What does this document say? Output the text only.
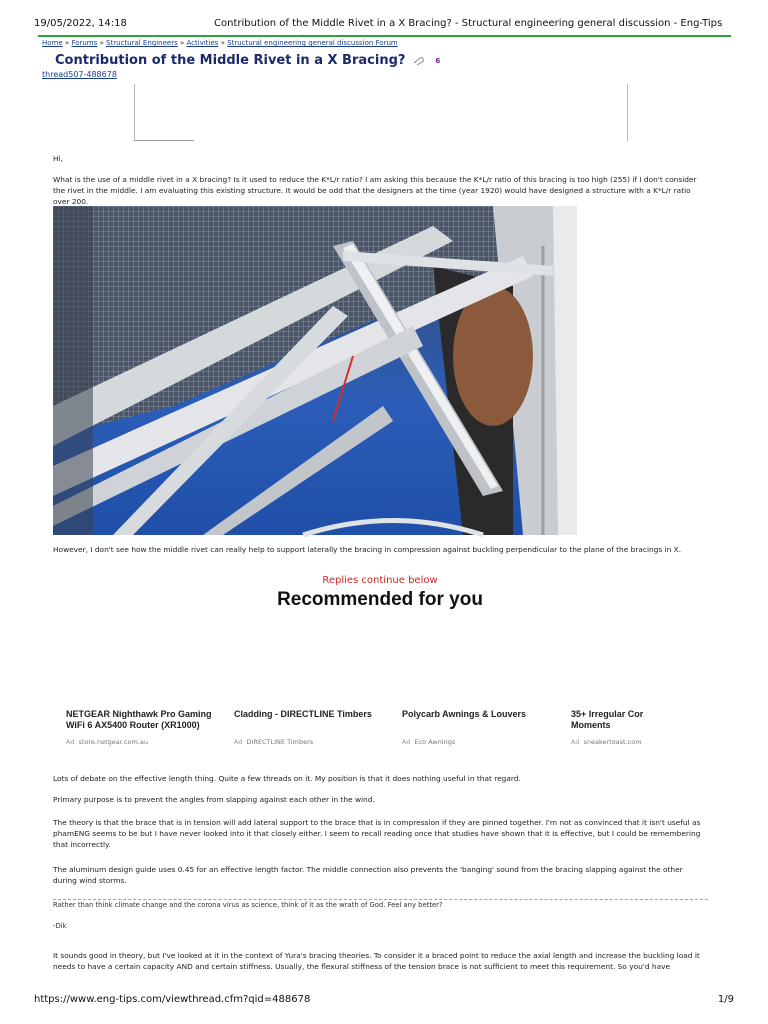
19/05/2022, 14:18	Contribution of the Middle Rivet in a X Bracing? - Structural engineering general discussion - Eng-Tips
Home » Forums » Structural Engineers » Activities » Structural engineering general discussion Forum
Contribution of the Middle Rivet in a X Bracing?	6
thread507-488678
Hi,
What is the use of a middle rivet in a X bracing? Is it used to reduce the K*L/r ratio? I am asking this because the K*L/r ratio of this bracing is too high (255) if I don't consider the rivet in the middle. I am evaluating this existing structure. It would be odd that the designers at the time (year 1920) would have designed a structure with a K*L/r ratio over 200.
However, I don't see how the middle rivet can really help to support laterally the bracing in compression against buckling perpendicular to the plane of the bracings in X.
Replies continue below
Recommended for you
NETGEAR Nighthawk Pro Gaming WiFi 6 AX5400 Router (XR1000)
Ad store.netgear.com.au
Cladding - DIRECTLINE Timbers
Ad DIRECTLINE Timbers
Polycarb Awnings & Louvers
Ad Eco Awnings
35+ Irregular Cor Moments
Ad sneakertoast.com
Lots of debate on the effective length thing. Quite a few threads on it. My position is that it does nothing useful in that regard.
Primary purpose is to prevent the angles from slapping against each other in the wind.
The theory is that the brace that is in tension will add lateral support to the brace that is in compression if they are pinned together. I'm not as convinced that it isn't useful as phamENG seems to be but I have never looked into it that closely either. I seem to recall reading once that studies have shown that it is effective, but I could be remembering that incorrectly.
The aluminum design guide uses 0.45 for an effective length factor. The middle connection also prevents the 'banging' sound from the bracing slapping against the other during wind storms.
Rather than think climate change and the corona virus as science, think of it as the wrath of God. Feel any better?
-Dik
It sounds good in theory, but I've looked at it in the context of Yura's bracing theories. To consider it a braced point to reduce the axial length and increase the buckling load it needs to have a certain capacity AND and certain stiffness. Usually, the flexural stiffness of the tension brace is not sufficient to meet this requirement. So you'd have
https://www.eng-tips.com/viewthread.cfm?qid=488678	1/9
